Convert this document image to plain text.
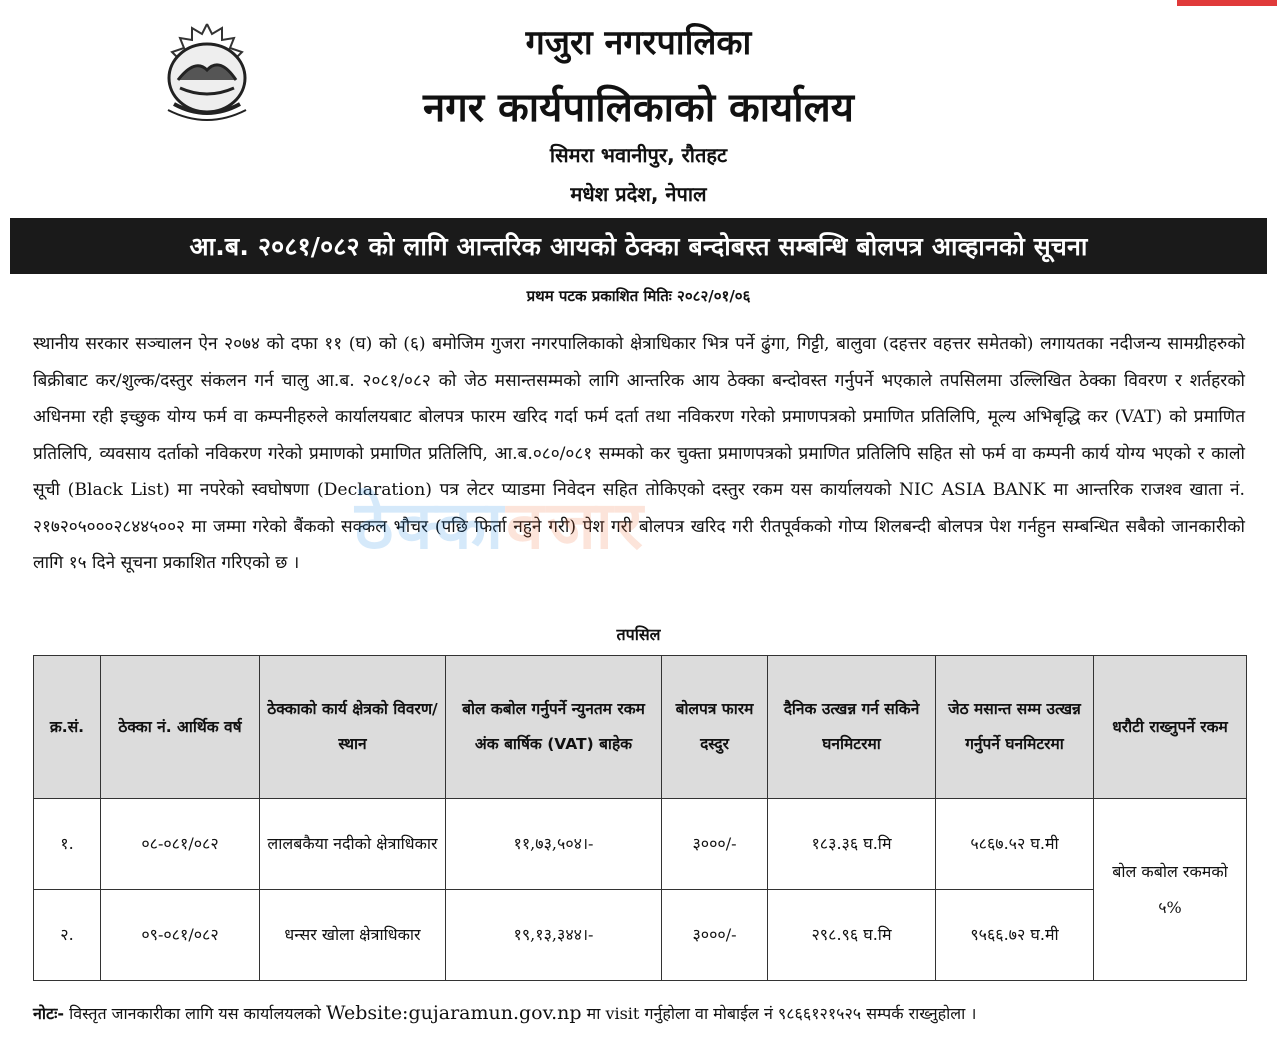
गजुरा नगरपालिका
नगर कार्यपालिकाको कार्यालय
सिमरा भवानीपुर, रौतहट
मधेश प्रदेश, नेपाल
आ.ब. २०८१/०८२ को लागि आन्तरिक आयको ठेक्का बन्दोबस्त सम्बन्धि बोलपत्र आव्हानको सूचना
प्रथम पटक प्रकाशित मितिः २०८२/०१/०६
स्थानीय सरकार सञ्चालन ऐन २०७४ को दफा ११ (घ) को (६) बमोजिम गुजरा नगरपालिकाको क्षेत्राधिकार भित्र पर्ने ढुंगा, गिट्टी, बालुवा (दहत्तर वहत्तर समेतको) लगायतका नदीजन्य सामग्रीहरुको बिक्रीबाट कर/शुल्क/दस्तुर संकलन गर्न चालु आ.ब. २०८१/०८२ को जेठ मसान्तसम्मको लागि आन्तरिक आय ठेक्का बन्दोवस्त गर्नुपर्ने भएकाले तपसिलमा उल्लिखित ठेक्का विवरण र शर्तहरको अधिनमा रही इच्छुक योग्य फर्म वा कम्पनीहरुले कार्यालयबाट बोलपत्र फारम खरिद गर्दा फर्म दर्ता तथा नविकरण गरेको प्रमाणपत्रको प्रमाणित प्रतिलिपि, मूल्य अभिबृद्धि कर (VAT) को प्रमाणित प्रतिलिपि, व्यवसाय दर्ताको नविकरण गरेको प्रमाणको प्रमाणित प्रतिलिपि, आ.ब.०८०/०८१ सम्मको कर चुक्ता प्रमाणपत्रको प्रमाणित प्रतिलिपि सहित सो फर्म वा कम्पनी कार्य योग्य भएको र कालो सूची (Black List) मा नपरेको स्वघोषणा (Declaration) पत्र लेटर प्याडमा निवेदन सहित तोकिएको दस्तुर रकम यस कार्यालयको NIC ASIA BANK मा आन्तरिक राजश्व खाता नं. २१७२०५०००२८४४५००२ मा जम्मा गरेको बैंकको सक्कल भौचर (पछि फिर्ता नहुने गरी) पेश गरी बोलपत्र खरिद गरी रीतपूर्वकको गोप्य शिलबन्दी बोलपत्र पेश गर्नहुन सम्बन्धित सबैको जानकारीको लागि १५ दिने सूचना प्रकाशित गरिएको छ । ठेक्काबजार
तपसिल
क्र.सं.	ठेक्का नं. आर्थिक वर्ष	ठेक्काको कार्य क्षेत्रको विवरण/स्थान	बोल कबोल गर्नुपर्ने न्युनतम रकम अंक बार्षिक (VAT) बाहेक	बोलपत्र फारम दस्दुर	दैनिक उत्खन्न गर्न सकिने घनमिटरमा	जेठ मसान्त सम्म उत्खन्न गर्नुपर्ने घनमिटरमा	धरौटी राख्नुपर्ने रकम
१.	०८-०८१/०८२	लालबकैया नदीको क्षेत्राधिकार	११,७३,५०४।-	३०००/-	१८३.३६ घ.मि	५८६७.५२ घ.मी	बोल कबोल रकमको ५%
२.	०९-०८१/०८२	धन्सर खोला क्षेत्राधिकार	१९,१३,३४४।-	३०००/-	२९८.९६ घ.मि	९५६६.७२ घ.मी	
नोटः- विस्तृत जानकारीका लागि यस कार्यालयलको Website:gujaramun.gov.np मा visit गर्नुहोला वा मोबाईल नं ९८६६१२१५२५ सम्पर्क राख्नुहोला ।
